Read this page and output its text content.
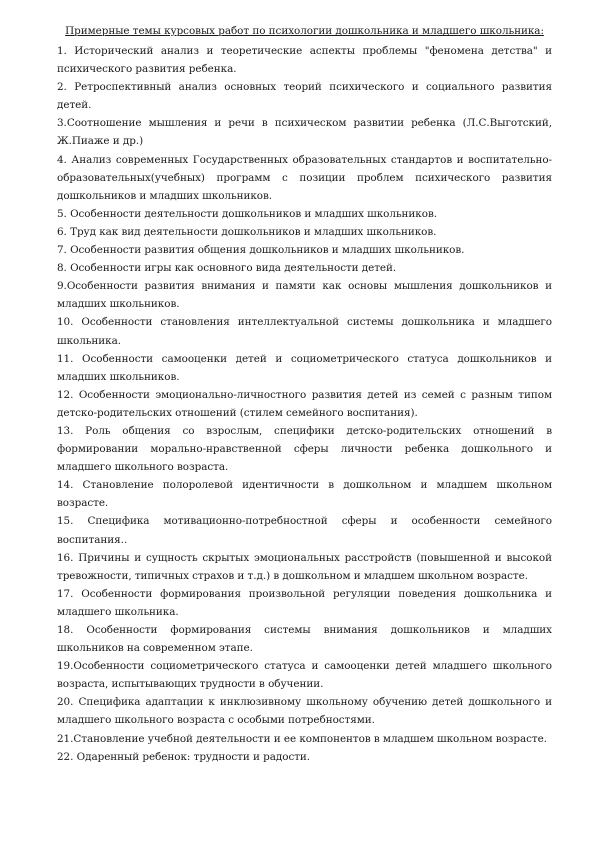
Примерные темы курсовых работ по психологии дошкольника и младшего школьника:
1. Исторический анализ и теоретические аспекты проблемы "феномена детства" и психического развития ребенка.
2. Ретроспективный анализ основных теорий психического и социального развития детей.
3.Соотношение мышления и речи в психическом развитии ребенка (Л.С.Выготский, Ж.Пиаже и др.)
4. Анализ современных Государственных образовательных стандартов и воспитательно-образовательных(учебных) программ с позиции проблем психического развития дошкольников и младших школьников.
5. Особенности деятельности дошкольников и младших школьников.
6. Труд как вид деятельности дошкольников и младших школьников.
7. Особенности развития общения дошкольников и младших школьников.
8. Особенности игры как основного вида деятельности детей.
9.Особенности развития внимания и памяти как основы мышления дошкольников и младших школьников.
10. Особенности становления интеллектуальной системы дошкольника и младшего школьника.
11. Особенности самооценки детей и социометрического статуса дошкольников и младших школьников.
12. Особенности эмоционально-личностного развития детей из семей с разным типом детско-родительских отношений (стилем семейного воспитания).
13. Роль общения со взрослым, специфики детско-родительских отношений в формировании морально-нравственной сферы личности ребенка дошкольного и младшего школьного возраста.
14. Становление полоролевой идентичности в дошкольном и младшем школьном возрасте.
15. Специфика мотивационно-потребностной сферы и особенности семейного воспитания..
16. Причины и сущность скрытых эмоциональных расстройств (повышенной и высокой тревожности, типичных страхов и т.д.) в дошкольном и младшем школьном возрасте.
17. Особенности формирования произвольной регуляции поведения дошкольника и младшего школьника.
18. Особенности формирования системы внимания дошкольников и младших школьников на современном этапе.
19.Особенности социометрического статуса и самооценки детей младшего школьного возраста, испытывающих трудности в обучении.
20. Специфика адаптации к инклюзивному школьному обучению детей дошкольного и младшего школьного возраста с особыми потребностями.
21.Становление учебной деятельности и ее компонентов в младшем школьном возрасте.
22. Одаренный ребенок: трудности и радости.
